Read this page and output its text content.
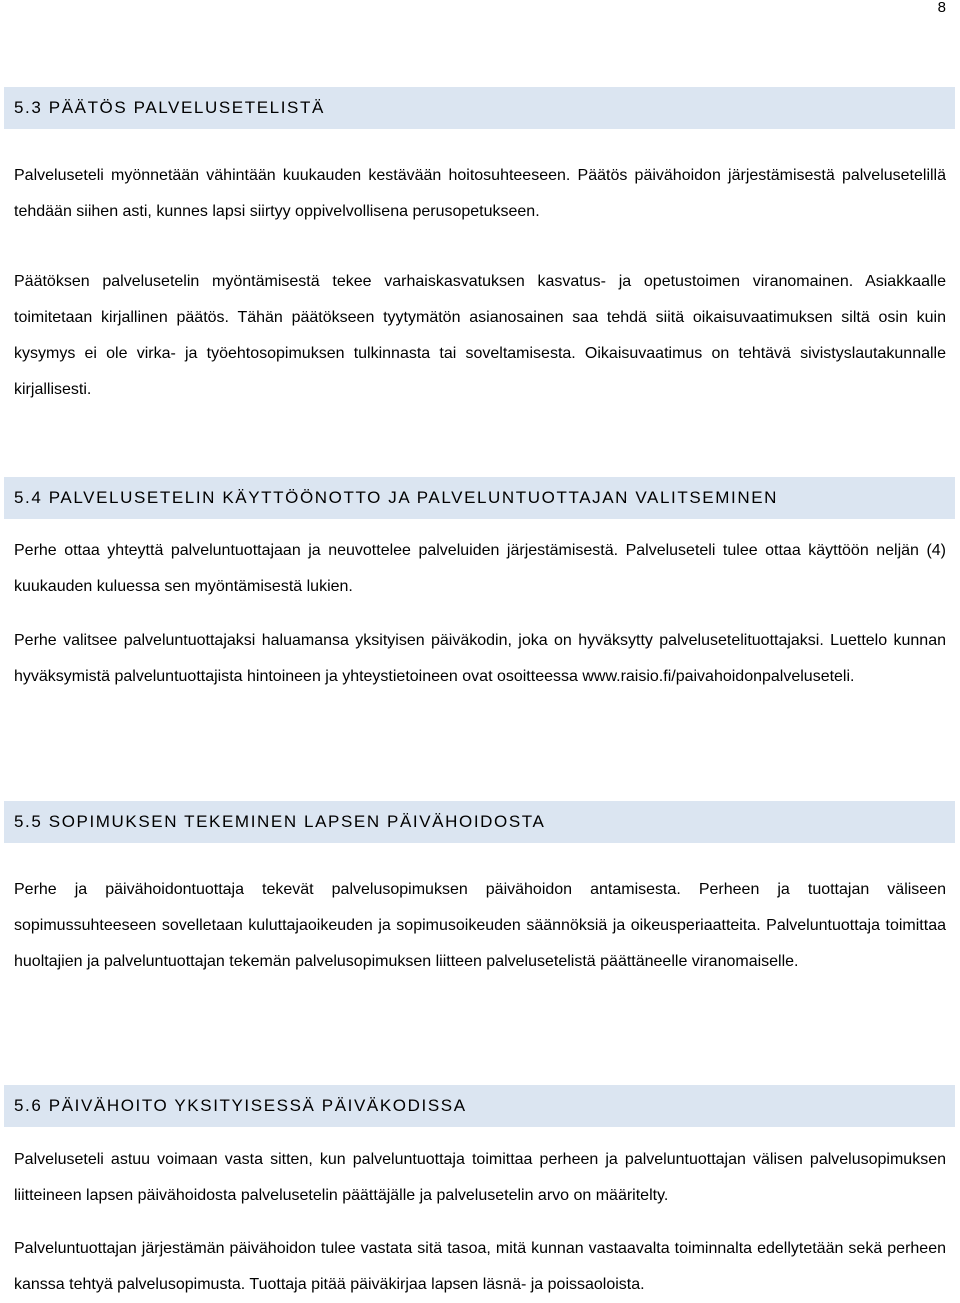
8
5.3 PÄÄTÖS PALVELUSETELISTÄ

Palveluseteli myönnetään vähintään kuukauden kestävään hoitosuhteeseen. Päätös päivähoidon järjestämisestä palvelusetelillä tehdään siihen asti, kunnes lapsi siirtyy oppivelvollisena perusopetukseen.

Päätöksen palvelusetelin myöntämisestä tekee varhaiskasvatuksen kasvatus- ja opetustoimen viranomainen. Asiakkaalle toimitetaan kirjallinen päätös. Tähän päätökseen tyytymätön asianosainen saa tehdä siitä oikaisuvaatimuksen siltä osin kuin kysymys ei ole virka- ja työehtosopimuksen tulkinnasta tai soveltamisesta. Oikaisuvaatimus on tehtävä sivistyslautakunnalle kirjallisesti.

5.4 PALVELUSETELIN KÄYTTÖÖNOTTO JA PALVELUNTUOTTAJAN VALITSEMINEN

Perhe ottaa yhteyttä palveluntuottajaan ja neuvottelee palveluiden järjestämisestä. Palveluseteli tulee ottaa käyttöön neljän (4) kuukauden kuluessa sen myöntämisestä lukien.

Perhe valitsee palveluntuottajaksi haluamansa yksityisen päiväkodin, joka on hyväksytty palvelusetelituottajaksi. Luettelo kunnan hyväksymistä palveluntuottajista hintoineen ja yhteystietoineen ovat osoitteessa www.raisio.fi/paivahoidonpalveluseteli.

5.5 SOPIMUKSEN TEKEMINEN LAPSEN PÄIVÄHOIDOSTA

Perhe ja päivähoidontuottaja tekevät palvelusopimuksen päivähoidon antamisesta. Perheen ja tuottajan väliseen sopimussuhteeseen sovelletaan kuluttajaoikeuden ja sopimusoikeuden säännöksiä ja oikeusperiaatteita. Palveluntuottaja toimittaa huoltajien ja palveluntuottajan tekemän palvelusopimuksen liitteen palvelusetelistä päättäneelle viranomaiselle.

5.6 PÄIVÄHOITO YKSITYISESSÄ PÄIVÄKODISSA

Palveluseteli astuu voimaan vasta sitten, kun palveluntuottaja toimittaa perheen ja palveluntuottajan välisen palvelusopimuksen liitteineen lapsen päivähoidosta palvelusetelin päättäjälle ja palvelusetelin arvo on määritelty.

Palveluntuottajan järjestämän päivähoidon tulee vastata sitä tasoa, mitä kunnan vastaavalta toiminnalta edellytetään sekä perheen kanssa tehtyä palvelusopimusta. Tuottaja pitää päiväkirjaa lapsen läsnä- ja poissaoloista.
